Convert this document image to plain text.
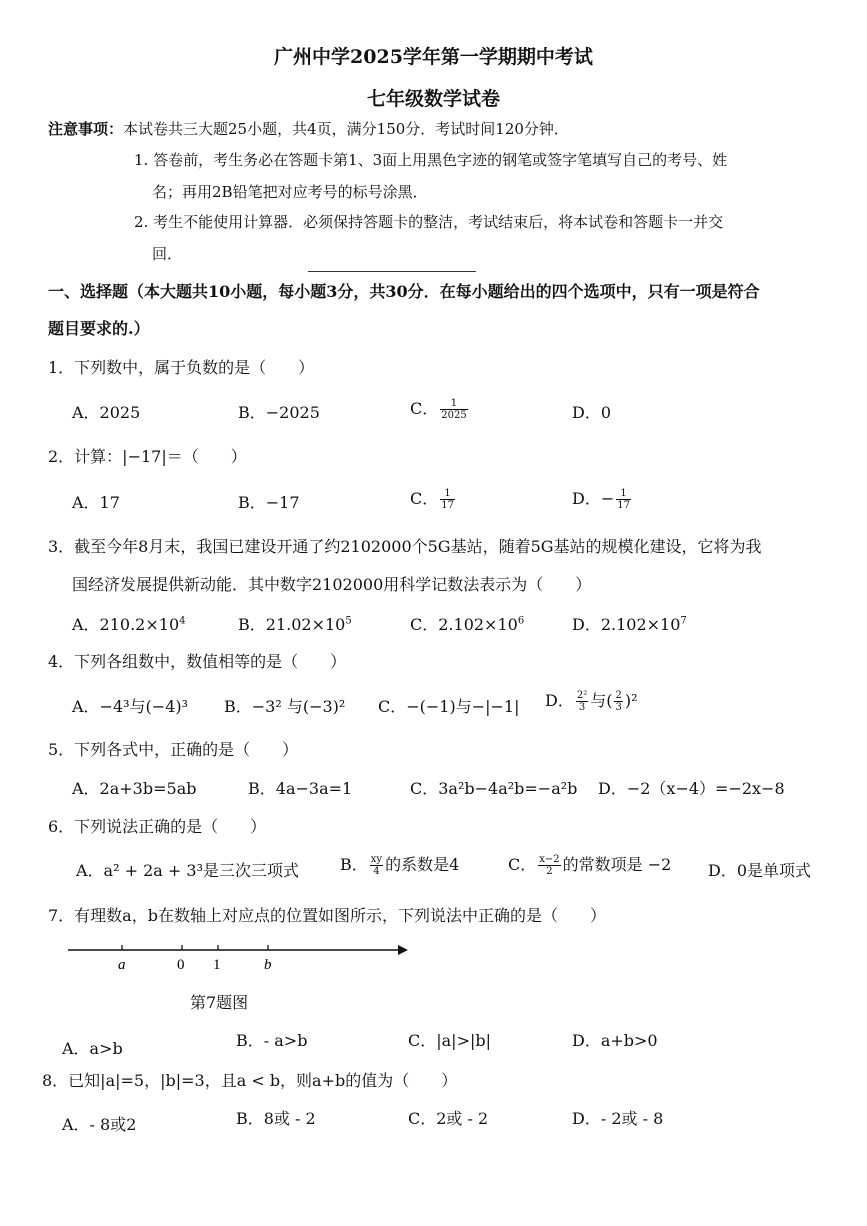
广州中学2025学年第一学期期中考试
七年级数学试卷
注意事项：本试卷共三大题25小题，共4页，满分150分．考试时间120分钟．
1. 答卷前，考生务必在答题卡第1、3面上用黑色字迹的钢笔或签字笔填写自己的考号、姓
名；再用2B铅笔把对应考号的标号涂黑．
2. 考生不能使用计算器．必须保持答题卡的整洁，考试结束后，将本试卷和答题卡一并交
回．
一、选择题（本大题共10小题，每小题3分，共30分．在每小题给出的四个选项中，只有一项是符合
题目要求的.）
1．下列数中，属于负数的是（　　）
A．2025	B．−2025	C． $\frac{1}{2025}$	D．0
2．计算：|−17|＝（　　）
A．17	B．−17	C． $\frac{1}{17}$	D．− $\frac{1}{17}$
3．截至今年8月末，我国已建设开通了约2102000个5G基站，随着5G基站的规模化建设，它将为我
国经济发展提供新动能．其中数字2102000用科学记数法表示为（　　）
A．$210.2\times 10^4$	B．$21.02\times 10^5$	C．$2.102\times 10^6$	D．$2.102\times 10^7$
4．下列各组数中，数值相等的是（　　）
A．−4³与(−4)³ B．−3² 与(−3)² C．−(−1)与−|−1| D． $\frac{\text{2²}}{3}$ 与( $\frac{2}{3} )^2$
5．下列各式中，正确的是（　　）
A．2a+3b=5ab	B．4a−3a=1	C．3a²b−4a²b=−a²b D．−2（x−4）=−2x−8
6．下列说法正确的是（　　）
A．a² + 2a + 3³是三次三项式	B． $\frac{xy}{4}$ 的系数是4	C． $\frac{x-2}{2}$ 的常数项是 −2 D．0是单项式
7．有理数a，b在数轴上对应点的位置如图所示，下列说法中正确的是（　　）
a	0 1	b
第7题图
A．a>b	B．- a>b	C．|a|>|b|	D．a+b>0
8．已知|a|=5，|b|=3，且a < b，则a+b的值为（　　）
A．- 8或2	B．8或 - 2	C．2或 - 2	D．- 2或 - 8
